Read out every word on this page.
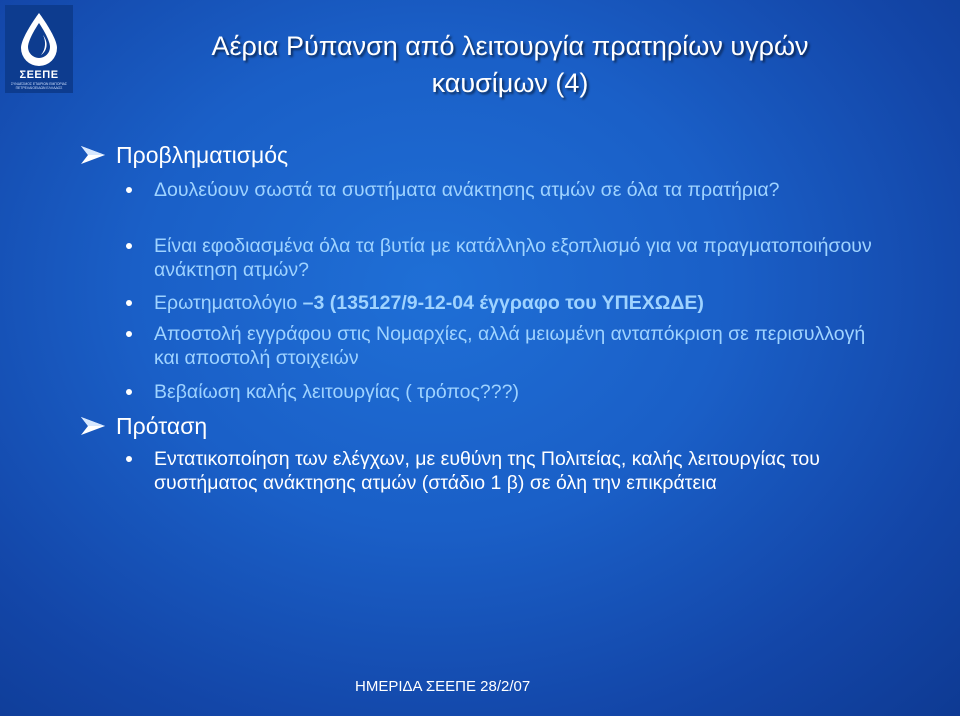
ΣΕΕΠΕ
ΣΥΝΔΕΣΜΟΣ ΕΤΑΙΡΙΩΝ ΕΜΠΟΡΙΑΣ ΠΕΤΡΕΛΑΙΟΕΙΔΩΝ ΕΛΛΑΔΟΣ
Αέρια Ρύπανση από λειτουργία πρατηρίων υγρών
καυσίμων (4)
Προβληματισμός
Δουλεύουν σωστά τα συστήματα ανάκτησης ατμών σε όλα τα πρατήρια?
Είναι εφοδιασμένα όλα τα βυτία με κατάλληλο εξοπλισμό για να πραγματοποιήσουν ανάκτηση ατμών?
Ερωτηματολόγιο –3 (135127/9-12-04 έγγραφο του ΥΠΕΧΩΔΕ)
Αποστολή εγγράφου στις Νομαρχίες, αλλά μειωμένη ανταπόκριση σε περισυλλογή και αποστολή στοιχειών
Βεβαίωση καλής λειτουργίας ( τρόπος???)
Πρόταση
Εντατικοποίηση των ελέγχων, με ευθύνη της Πολιτείας, καλής λειτουργίας του συστήματος ανάκτησης ατμών (στάδιο 1 β) σε όλη την επικράτεια
ΗΜΕΡΙΔΑ ΣΕΕΠΕ 28/2/07
